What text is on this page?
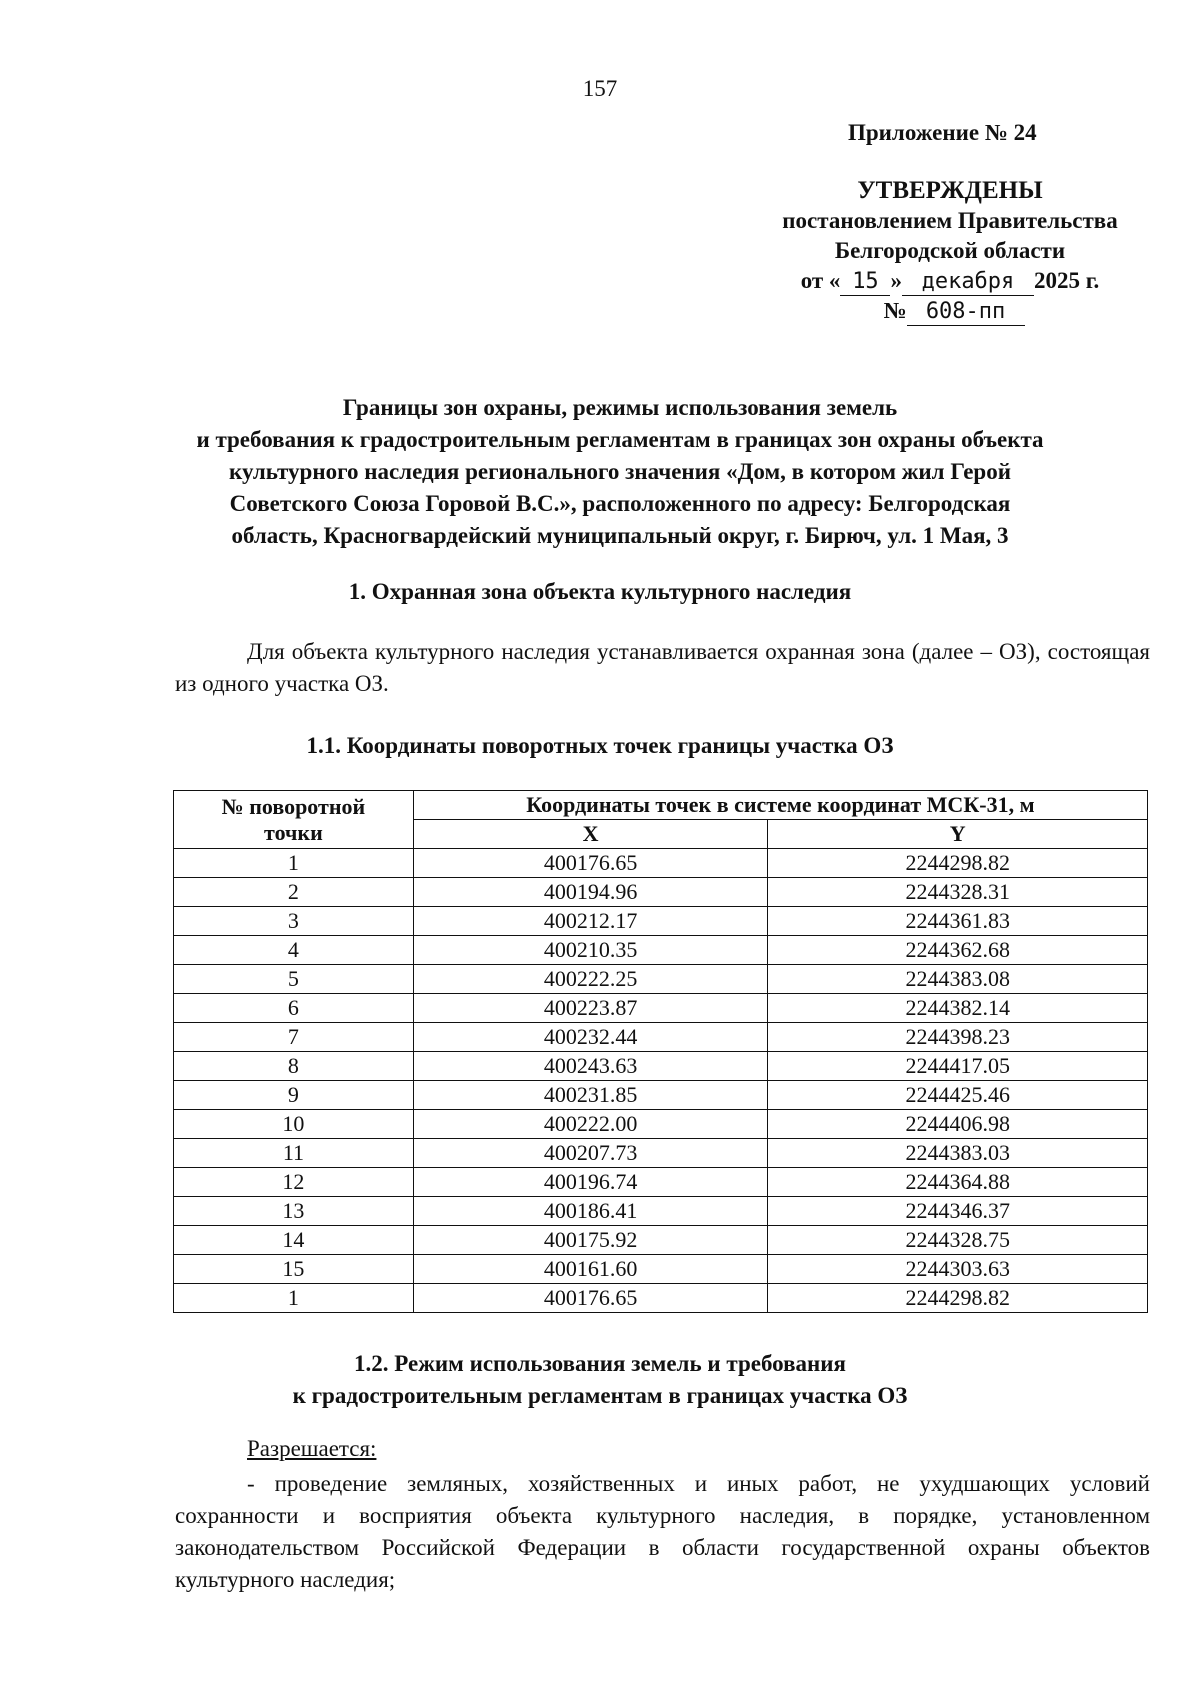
157
Приложение № 24
УТВЕРЖДЕНЫ
постановлением Правительства
Белгородской области
от « 15 » декабря 2025 г.
№ 608-пп
Границы зон охраны, режимы использования земель
и требования к градостроительным регламентам в границах зон охраны объекта
культурного наследия регионального значения «Дом, в котором жил Герой
Советского Союза Горовой В.С.», расположенного по адресу: Белгородская
область, Красногвардейский муниципальный округ, г. Бирюч, ул. 1 Мая, 3
1. Охранная зона объекта культурного наследия
Для объекта культурного наследия устанавливается охранная зона (далее – ОЗ), состоящая из одного участка ОЗ.
1.1. Координаты поворотных точек границы участка ОЗ
№ поворотной
точки	Координаты точек в системе координат МСК-31, м	
	X	Y
1	400176.65	2244298.82
2	400194.96	2244328.31
3	400212.17	2244361.83
4	400210.35	2244362.68
5	400222.25	2244383.08
6	400223.87	2244382.14
7	400232.44	2244398.23
8	400243.63	2244417.05
9	400231.85	2244425.46
10	400222.00	2244406.98
11	400207.73	2244383.03
12	400196.74	2244364.88
13	400186.41	2244346.37
14	400175.92	2244328.75
15	400161.60	2244303.63
1	400176.65	2244298.82
1.2. Режим использования земель и требования
к градостроительным регламентам в границах участка ОЗ
Разрешается:
- проведение земляных, хозяйственных и иных работ, не ухудшающих условий сохранности и восприятия объекта культурного наследия, в порядке, установленном законодательством Российской Федерации в области государственной охраны объектов культурного наследия;
